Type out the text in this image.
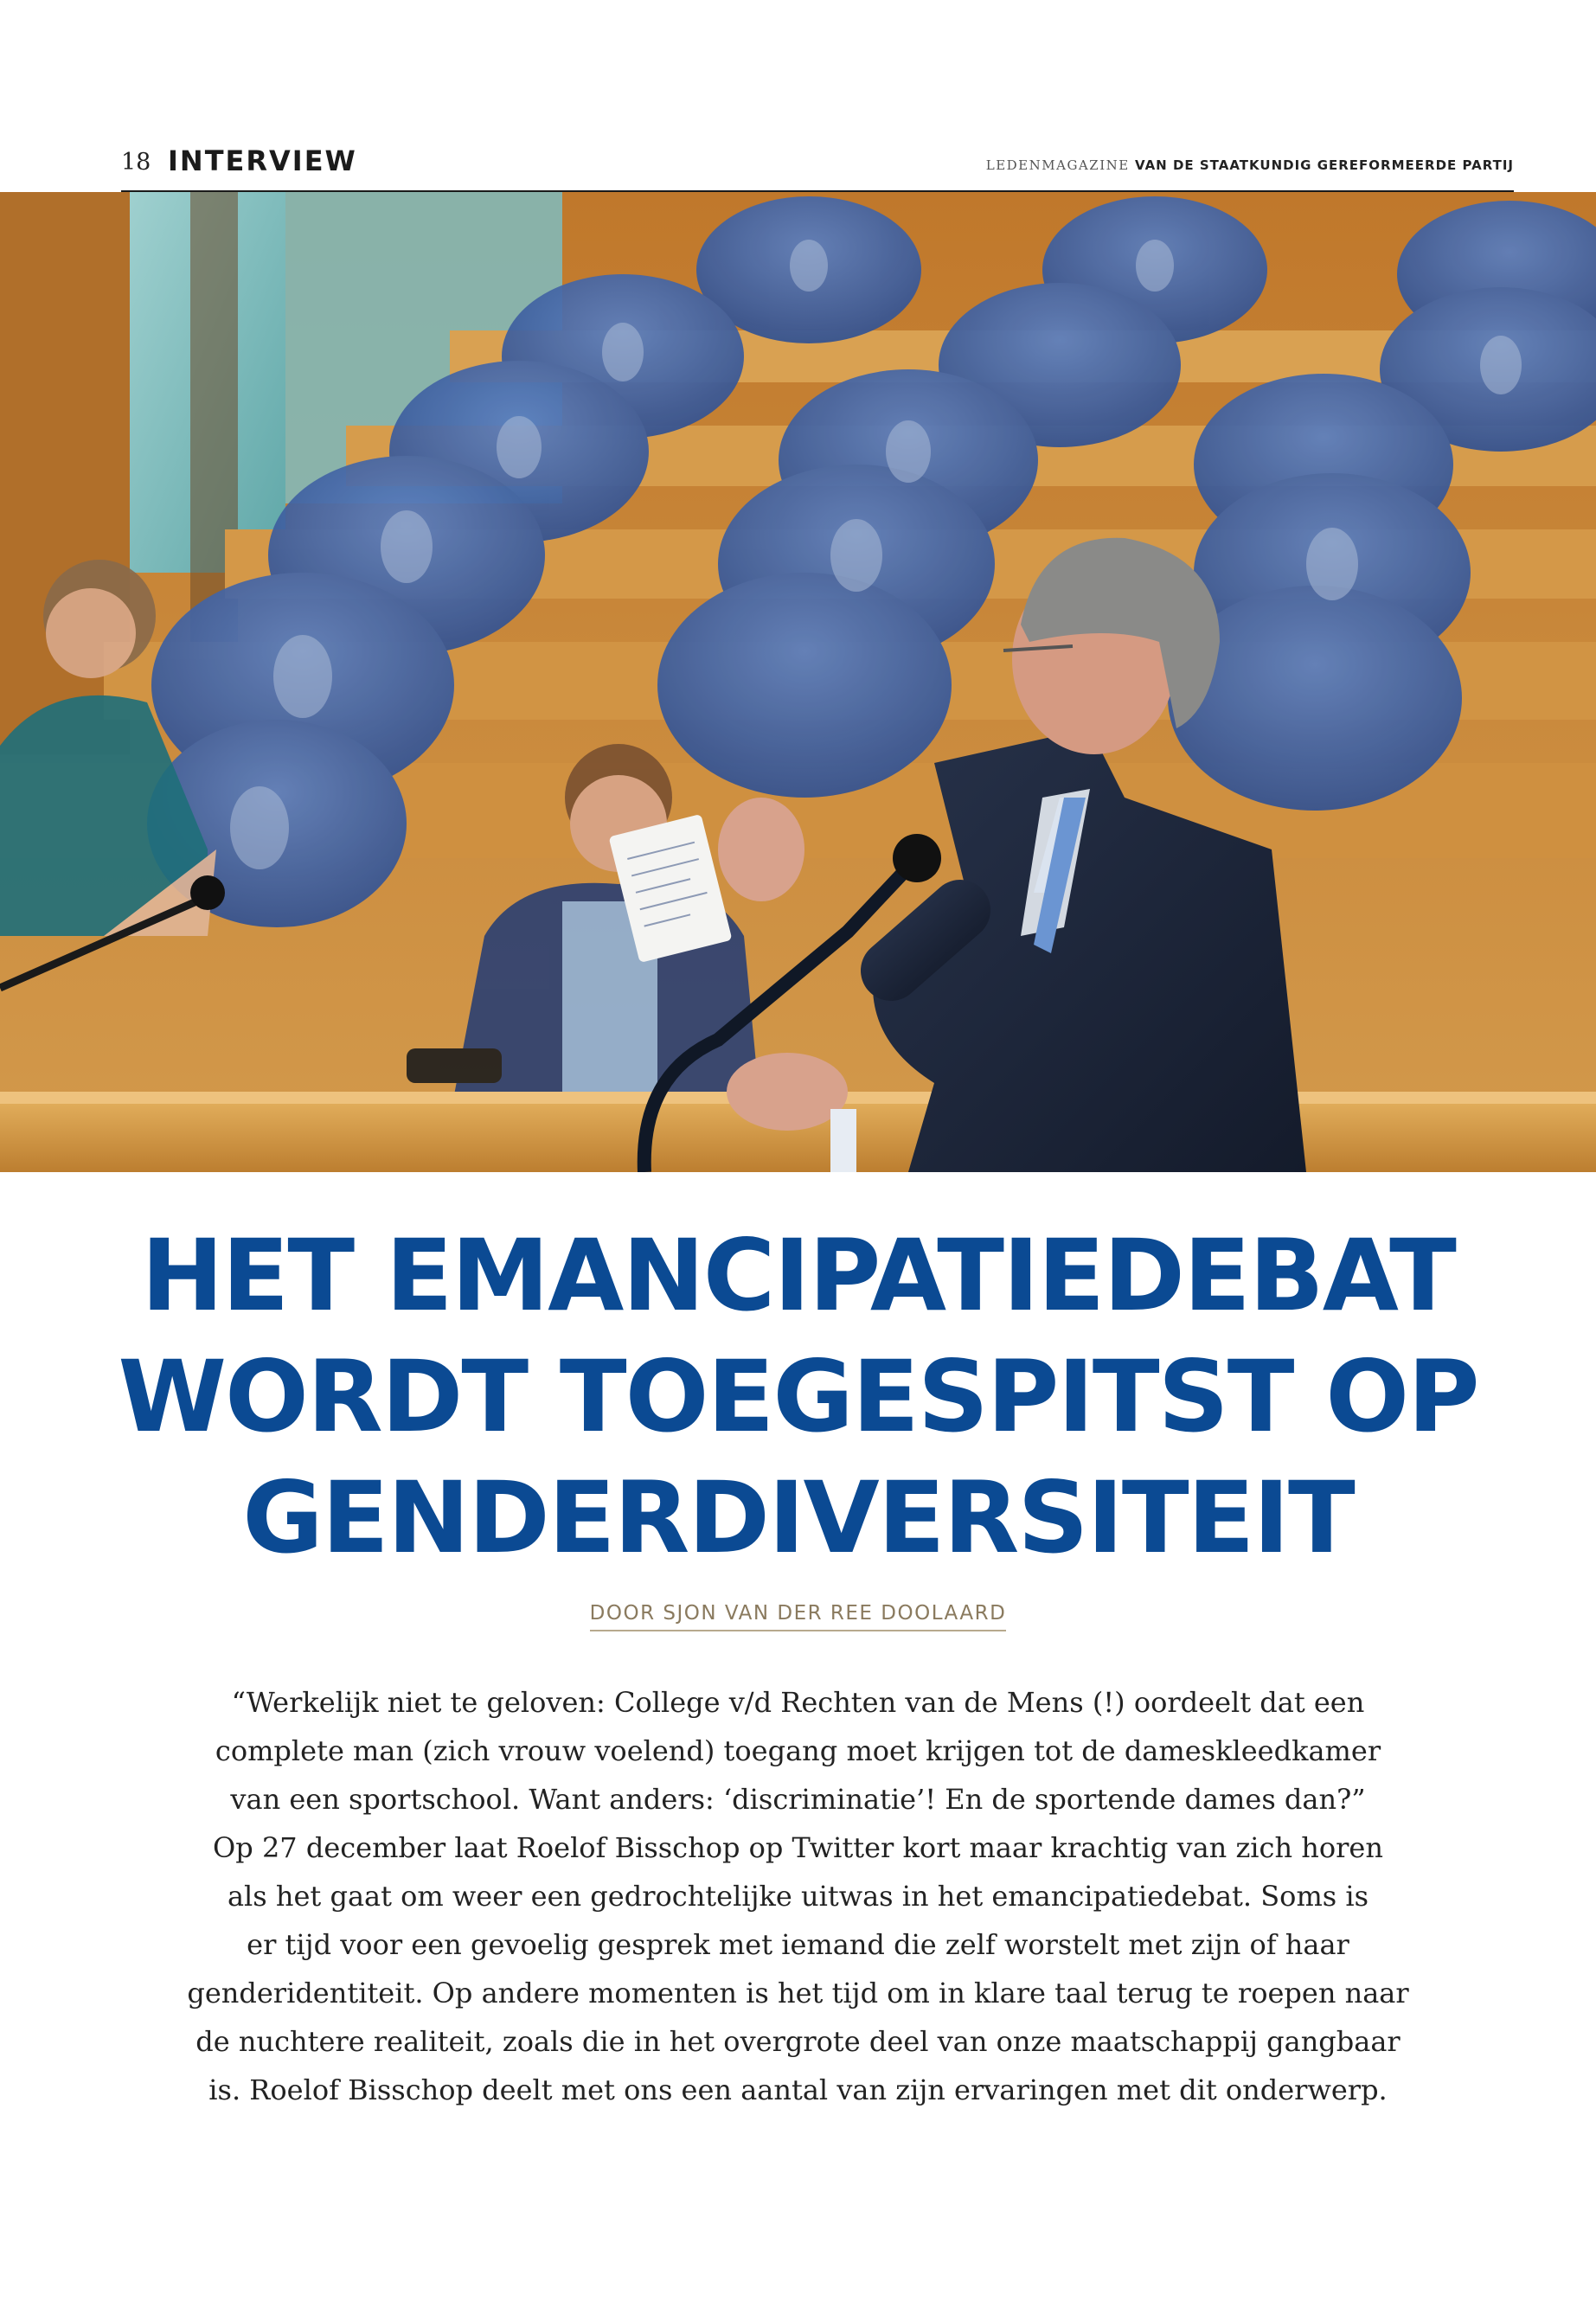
18 INTERVIEW	LEDENMAGAZINE VAN DE STAATKUNDIG GEREFORMEERDE PARTIJ
HET EMANCIPATIEDEBAT
WORDT TOEGESPITST OP
GENDERDIVERSITEIT
DOOR SJON VAN DER REE DOOLAARD
“Werkelijk niet te geloven: College v/d Rechten van de Mens (!) oordeelt dat een
complete man (zich vrouw voelend) toegang moet krijgen tot de dameskleedkamer
van een sportschool. Want anders: ‘discriminatie’! En de sportende dames dan?”
Op 27 december laat Roelof Bisschop op Twitter kort maar krachtig van zich horen
als het gaat om weer een gedrochtelijke uitwas in het emancipatiedebat. Soms is
er tijd voor een gevoelig gesprek met iemand die zelf worstelt met zijn of haar
genderidentiteit. Op andere momenten is het tijd om in klare taal terug te roepen naar
de nuchtere realiteit, zoals die in het overgrote deel van onze maatschappij gangbaar
is. Roelof Bisschop deelt met ons een aantal van zijn ervaringen met dit onderwerp.
